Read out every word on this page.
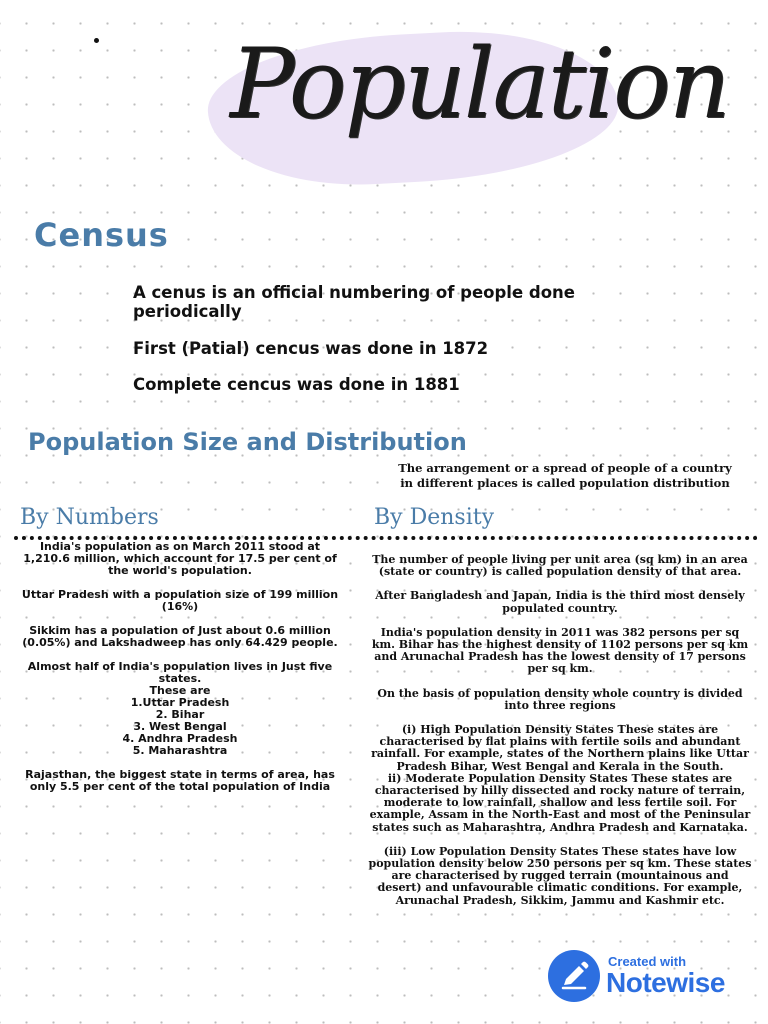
Population
Census

A cenus is an official numbering of people done periodically

First (Patial) cencus was done in 1872

Complete cencus was done in 1881

Population Size and Distribution

The arrangement or a spread of people of a country in different places is called population distribution

By Numbers	By Density

India's population as on March 2011 stood at 1,210.6 million, which account for 17.5 per cent of the world's population.

Uttar Pradesh with a population size of 199 million (16%)

Sikkim has a population of Just about 0.6 million (0.05%) and Lakshadweep has only 64.429 people.

Almost half of India's population lives in Just five states.

These are

1.Uttar Pradesh

2. Bihar

3. West Bengal

4. Andhra Pradesh

5. Maharashtra

Rajasthan, the biggest state in terms of area, has only 5.5 per cent of the total population of India

The number of people living per unit area (sq km) in an area (state or country) is called population density of that area.

After Bangladesh and Japan, India is the third most densely populated country.

India's population density in 2011 was 382 persons per sq km. Bihar has the highest density of 1102 persons per sq km and Arunachal Pradesh has the lowest density of 17 persons per sq km.

On the basis of population density whole country is divided into three regions

(i) High Population Density States These states are characterised by flat plains with fertile soils and abundant rainfall. For example, states of the Northern plains like Uttar Pradesh Bihar, West Bengal and Kerala in the South.

ii) Moderate Population Density States These states are characterised by hilly dissected and rocky nature of terrain, moderate to low rainfall, shallow and less fertile soil. For example, Assam in the North-East and most of the Peninsular states such as Maharashtra, Andhra Pradesh and Karnataka.

(iii) Low Population Density States These states have low population density below 250 persons per sq km. These states are characterised by rugged terrain (mountainous and desert) and unfavourable climatic conditions. For example, Arunachal Pradesh, Sikkim, Jammu and Kashmir etc.

Created with

Notewise
